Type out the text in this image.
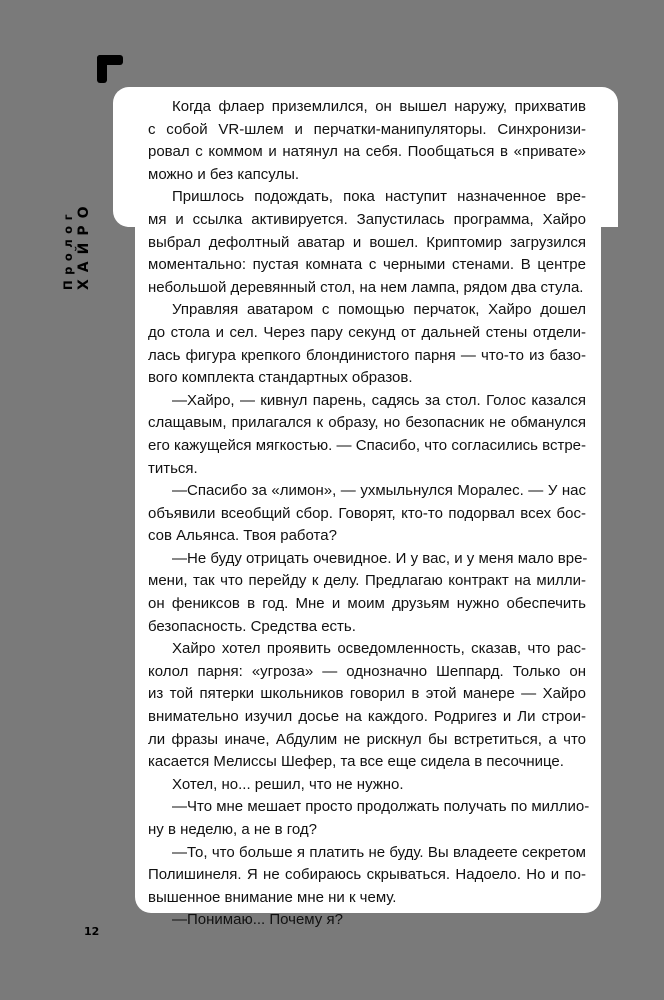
Пролог ХАЙРО
12
Когда флаер приземлился, он вышел наружу, прихватив
с собой VR-шлем и перчатки-манипуляторы. Синхронизи-
ровал с коммом и натянул на себя. Пообщаться в «привате»
можно и без капсулы.
Пришлось подождать, пока наступит назначенное вре-
мя и ссылка активируется. Запустилась программа, Хайро
выбрал дефолтный аватар и вошел. Криптомир загрузился
моментально: пустая комната с черными стенами. В центре
небольшой деревянный стол, на нем лампа, рядом два стула.
Управляя аватаром с помощью перчаток, Хайро дошел
до стола и сел. Через пару секунд от дальней стены отдели-
лась фигура крепкого блондинистого парня — что-то из базо-
вого комплекта стандартных образов.
—Хайро, — кивнул парень, садясь за стол. Голос казался
слащавым, прилагался к образу, но безопасник не обманулся
его кажущейся мягкостью. — Спасибо, что согласились встре-
титься.
—Спасибо за «лимон», — ухмыльнулся Моралес. — У нас
объявили всеобщий сбор. Говорят, кто-то подорвал всех бос-
сов Альянса. Твоя работа?
—Не буду отрицать очевидное. И у вас, и у меня мало вре-
мени, так что перейду к делу. Предлагаю контракт на милли-
он фениксов в год. Мне и моим друзьям нужно обеспечить
безопасность. Средства есть.
Хайро хотел проявить осведомленность, сказав, что рас-
колол парня: «угроза» — однозначно Шеппард. Только он
из той пятерки школьников говорил в этой манере — Хайро
внимательно изучил досье на каждого. Родригез и Ли строи-
ли фразы иначе, Абдулим не рискнул бы встретиться, а что
касается Мелиссы Шефер, та все еще сидела в песочнице.
Хотел, но... решил, что не нужно.
—Что мне мешает просто продолжать получать по миллио-
ну в неделю, а не в год?
—То, что больше я платить не буду. Вы владеете секретом
Полишинеля. Я не собираюсь скрываться. Надоело. Но и по-
вышенное внимание мне ни к чему.
—Понимаю... Почему я?
